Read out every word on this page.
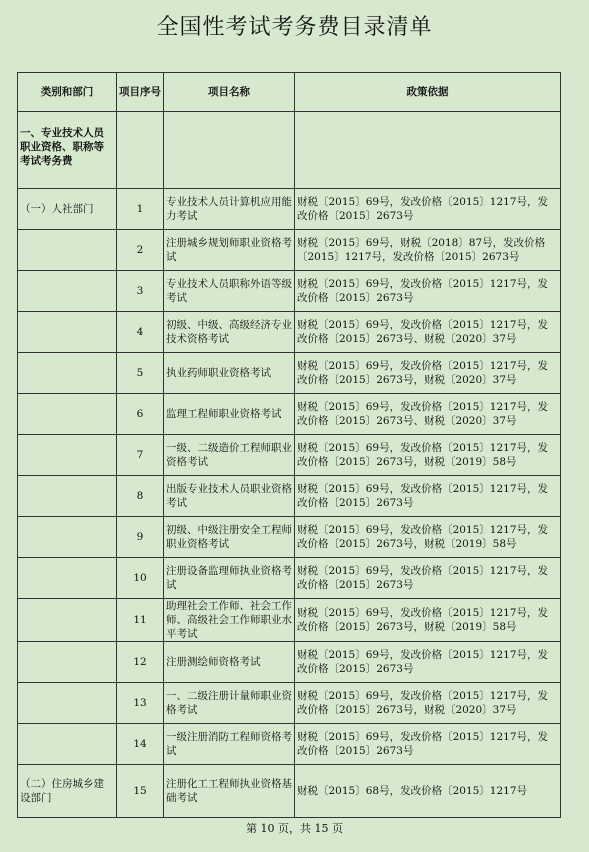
全国性考试考务费目录清单
类别和部门	项目序号	项目名称	政策依据
一、专业技术人员职业资格、职称等考试考务费			
（一）人社部门	1	专业技术人员计算机应用能力考试	财税〔2015〕69号，发改价格〔2015〕1217号，发改价格〔2015〕2673号
	2	注册城乡规划师职业资格考试	财税〔2015〕69号，财税〔2018〕87号，发改价格〔2015〕1217号，发改价格〔2015〕2673号
	3	专业技术人员职称外语等级考试	财税〔2015〕69号，发改价格〔2015〕1217号，发改价格〔2015〕2673号
	4	初级、中级、高级经济专业技术资格考试	财税〔2015〕69号，发改价格〔2015〕1217号，发改价格〔2015〕2673号、财税〔2020〕37号
	5	执业药师职业资格考试	财税〔2015〕69号，发改价格〔2015〕1217号，发改价格〔2015〕2673号，财税〔2020〕37号
	6	监理工程师职业资格考试	财税〔2015〕69号，发改价格〔2015〕1217号，发改价格〔2015〕2673号、财税〔2020〕37号
	7	一级、二级造价工程师职业资格考试	财税〔2015〕69号，发改价格〔2015〕1217号，发改价格〔2015〕2673号，财税〔2019〕58号
	8	出版专业技术人员职业资格考试	财税〔2015〕69号，发改价格〔2015〕1217号，发改价格〔2015〕2673号
	9	初级、中级注册安全工程师职业资格考试	财税〔2015〕69号，发改价格〔2015〕1217号，发改价格〔2015〕2673号，财税〔2019〕58号
	10	注册设备监理师执业资格考试	财税〔2015〕69号，发改价格〔2015〕1217号，发改价格〔2015〕2673号
	11	助理社会工作师、社会工作师、高级社会工作师职业水平考试	财税〔2015〕69号，发改价格〔2015〕1217号，发改价格〔2015〕2673号，财税〔2019〕58号
	12	注册测绘师资格考试	财税〔2015〕69号，发改价格〔2015〕1217号，发改价格〔2015〕2673号
	13	一、二级注册计量师职业资格考试	财税〔2015〕69号，发改价格〔2015〕1217号，发改价格〔2015〕2673号，财税〔2020〕37号
	14	一级注册消防工程师资格考试	财税〔2015〕69号，发改价格〔2015〕1217号，发改价格〔2015〕2673号
（二）住房城乡建设部门	15	注册化工工程师执业资格基础考试	财税〔2015〕68号，发改价格〔2015〕1217号
第 10 页，共 15 页
